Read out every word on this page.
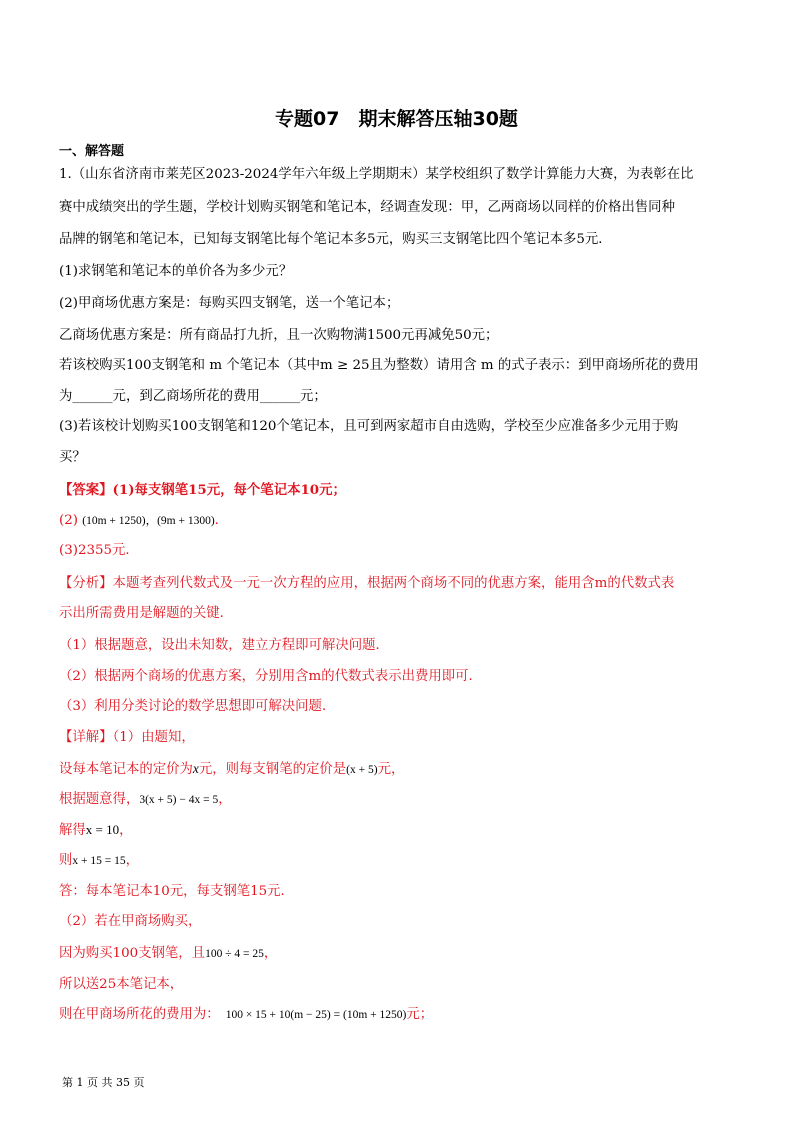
专题07　期末解答压轴30题
一、解答题
1.（山东省济南市莱芜区2023-2024学年六年级上学期期末）某学校组织了数学计算能力大赛，为表彰在比
赛中成绩突出的学生题，学校计划购买钢笔和笔记本，经调查发现：甲，乙两商场以同样的价格出售同种
品牌的钢笔和笔记本，已知每支钢笔比每个笔记本多5元，购买三支钢笔比四个笔记本多5元．
(1)求钢笔和笔记本的单价各为多少元？
(2)甲商场优惠方案是：每购买四支钢笔，送一个笔记本；
乙商场优惠方案是：所有商品打九折，且一次购物满1500元再减免50元；
若该校购买100支钢笔和 m 个笔记本（其中m ≥ 25且为整数）请用含 m 的式子表示：到甲商场所花的费用
为______元，到乙商场所花的费用______元；
(3)若该校计划购买100支钢笔和120个笔记本，且可到两家超市自由选购，学校至少应准备多少元用于购
买？
【答案】(1)每支钢笔15元，每个笔记本10元；
(2) (10m + 1250)，(9m + 1300)．
(3)2355元．
【分析】本题考查列代数式及一元一次方程的应用，根据两个商场不同的优惠方案，能用含m的代数式表
示出所需费用是解题的关键．
（1）根据题意，设出未知数，建立方程即可解决问题．
（2）根据两个商场的优惠方案，分别用含m的代数式表示出费用即可．
（3）利用分类讨论的数学思想即可解决问题．
【详解】（1）由题知，
设每本笔记本的定价为x元，则每支钢笔的定价是(x + 5)元，
根据题意得，3(x + 5) − 4x = 5，
解得x = 10，
则x + 15 = 15，
答：每本笔记本10元，每支钢笔15元．
（2）若在甲商场购买，
因为购买100支钢笔，且100 ÷ 4 = 25，
所以送25本笔记本，
则在甲商场所花的费用为： 100 × 15 + 10(m − 25) = (10m + 1250)元；
第 1 页 共 35 页
